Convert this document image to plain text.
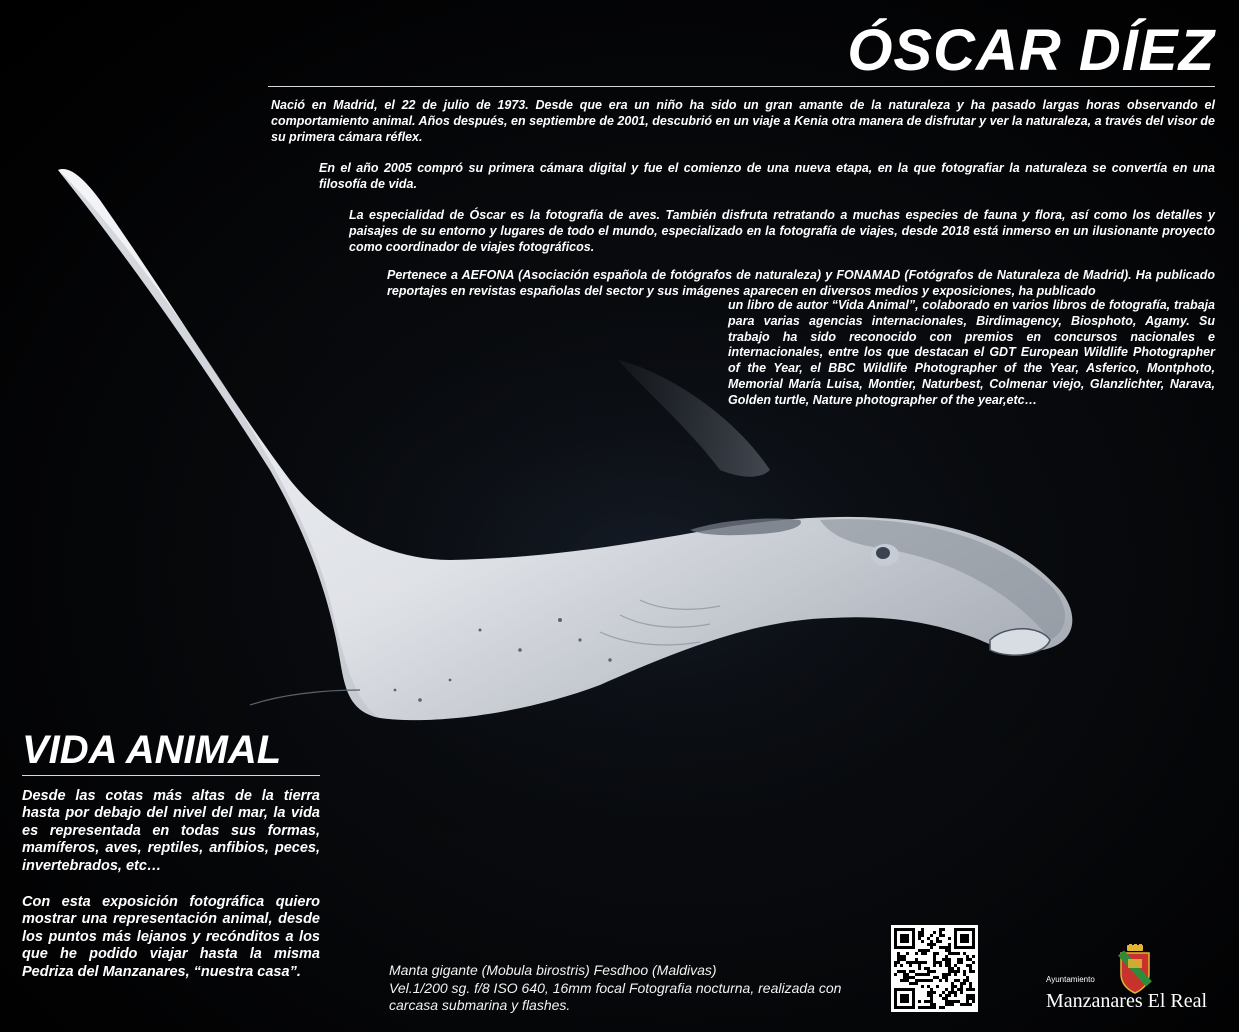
ÓSCAR DÍEZ

Nació en Madrid, el 22 de julio de 1973. Desde que era un niño ha sido un gran amante de la naturaleza y ha pasado largas horas observando el comportamiento animal. Años después, en septiembre de 2001, descubrió en un viaje a Kenia otra manera de disfrutar y ver la naturaleza, a través del visor de su primera cámara réflex.

En el año 2005 compró su primera cámara digital y fue el comienzo de una nueva etapa, en la que fotografiar la naturaleza se convertía en una filosofía de vida.

La especialidad de Óscar es la fotografía de aves. También disfruta retratando a muchas especies de fauna y flora, así como los detalles y paisajes de su entorno y lugares de todo el mundo, especializado en la fotografía de viajes, desde 2018 está inmerso en un ilusionante proyecto como coordinador de viajes fotográficos.

Pertenece a AEFONA (Asociación española de fotógrafos de naturaleza) y FONAMAD (Fotógrafos de Naturaleza de Madrid). Ha publicado reportajes en revistas españolas del sector y sus imágenes aparecen en diversos medios y exposiciones, ha publicado

un libro de autor “Vida Animal”, colaborado en varios libros de fotografía, trabaja para varias agencias internacionales, Birdimagency, Biosphoto, Agamy. Su trabajo ha sido reconocido con premios en concursos nacionales e internacionales, entre los que destacan el GDT European Wildlife Photographer of the Year, el BBC Wildlife Photographer of the Year, Asferico, Montphoto, Memorial María Luisa, Montier, Naturbest, Colmenar viejo, Glanzlichter, Narava, Golden turtle, Nature photographer of the year,etc…

VIDA ANIMAL

Desde las cotas más altas de la tierra hasta por debajo del nivel del mar, la vida es representada en todas sus formas, mamíferos, aves, reptiles, anfibios, peces, invertebrados, etc…

Con esta exposición fotográfica quiero mostrar una representación animal, desde los puntos más lejanos y recónditos a los que he podido viajar hasta la misma Pedriza del Manzanares, “nuestra casa”.	Manta gigante (Mobula birostris) Fesdhoo (Maldivas)

Vel.1/200 sg. f/8 ISO 640, 16mm focal Fotografia nocturna, realizada con carcasa submarina y flashes.

Ayuntamiento
Manzanares El Real
